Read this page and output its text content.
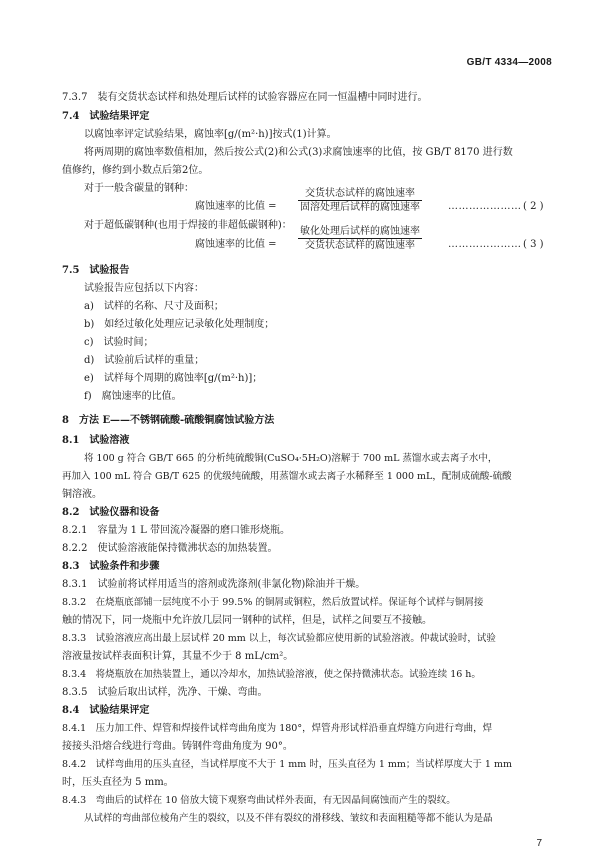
GB/T 4334—2008
7.3.7　装有交货状态试样和热处理后试样的试验容器应在同一恒温槽中同时进行。
7.4　试验结果评定
以腐蚀率评定试验结果，腐蚀率[g/(m²·h)]按式(1)计算。
将两周期的腐蚀率数值相加，然后按公式(2)和公式(3)求腐蚀速率的比值，按 GB/T 8170 进行数
值修约，修约到小数点后第2位。
对于一般含碳量的钢种：
腐蚀速率的比值 =
交货状态试样的腐蚀速率
固溶处理后试样的腐蚀速率	………………… ( 2 )
对于超低碳钢种(也用于焊接的非超低碳钢种)：
腐蚀速率的比值 =
敏化处理后试样的腐蚀速率
交货状态试样的腐蚀速率	………………… ( 3 )
7.5　试验报告
试验报告应包括以下内容：
a)　试样的名称、尺寸及面积；
b)　如经过敏化处理应记录敏化处理制度；
c)　试验时间；
d)　试验前后试样的重量；
e)　试样每个周期的腐蚀率[g/(m²·h)]；
f)　腐蚀速率的比值。
8　方法 E——不锈钢硫酸-硫酸铜腐蚀试验方法
8.1　试验溶液
将 100 g 符合 GB/T 665 的分析纯硫酸铜(CuSO₄·5H₂O)溶解于 700 mL 蒸馏水或去离子水中，
再加入 100 mL 符合 GB/T 625 的优级纯硫酸，用蒸馏水或去离子水稀释至 1 000 mL，配制成硫酸-硫酸
铜溶液。
8.2　试验仪器和设备
8.2.1　容量为 1 L 带回流冷凝器的磨口锥形烧瓶。
8.2.2　使试验溶液能保持微沸状态的加热装置。
8.3　试验条件和步骤
8.3.1　试验前将试样用适当的溶剂或洗涤剂(非氯化物)除油并干燥。
8.3.2　在烧瓶底部铺一层纯度不小于 99.5% 的铜屑或铜粒，然后放置试样。保证每个试样与铜屑接
触的情况下，同一烧瓶中允许放几层同一钢种的试样，但是，试样之间要互不接触。
8.3.3　试验溶液应高出最上层试样 20 mm 以上，每次试验都应使用新的试验溶液。仲裁试验时，试验
溶液量按试样表面积计算，其量不少于 8 mL/cm²。
8.3.4　将烧瓶放在加热装置上，通以冷却水，加热试验溶液，使之保持微沸状态。试验连续 16 h。
8.3.5　试验后取出试样，洗净、干燥、弯曲。
8.4　试验结果评定
8.4.1　压力加工件、焊管和焊接件试样弯曲角度为 180°，焊管舟形试样沿垂直焊缝方向进行弯曲，焊
接接头沿熔合线进行弯曲。铸钢件弯曲角度为 90°。
8.4.2　试样弯曲用的压头直径，当试样厚度不大于 1 mm 时，压头直径为 1 mm；当试样厚度大于 1 mm
时，压头直径为 5 mm。
8.4.3　弯曲后的试样在 10 倍放大镜下观察弯曲试样外表面，有无因晶间腐蚀而产生的裂纹。
从试样的弯曲部位棱角产生的裂纹，以及不伴有裂纹的滑移线、皱纹和表面粗糙等都不能认为是晶
7
